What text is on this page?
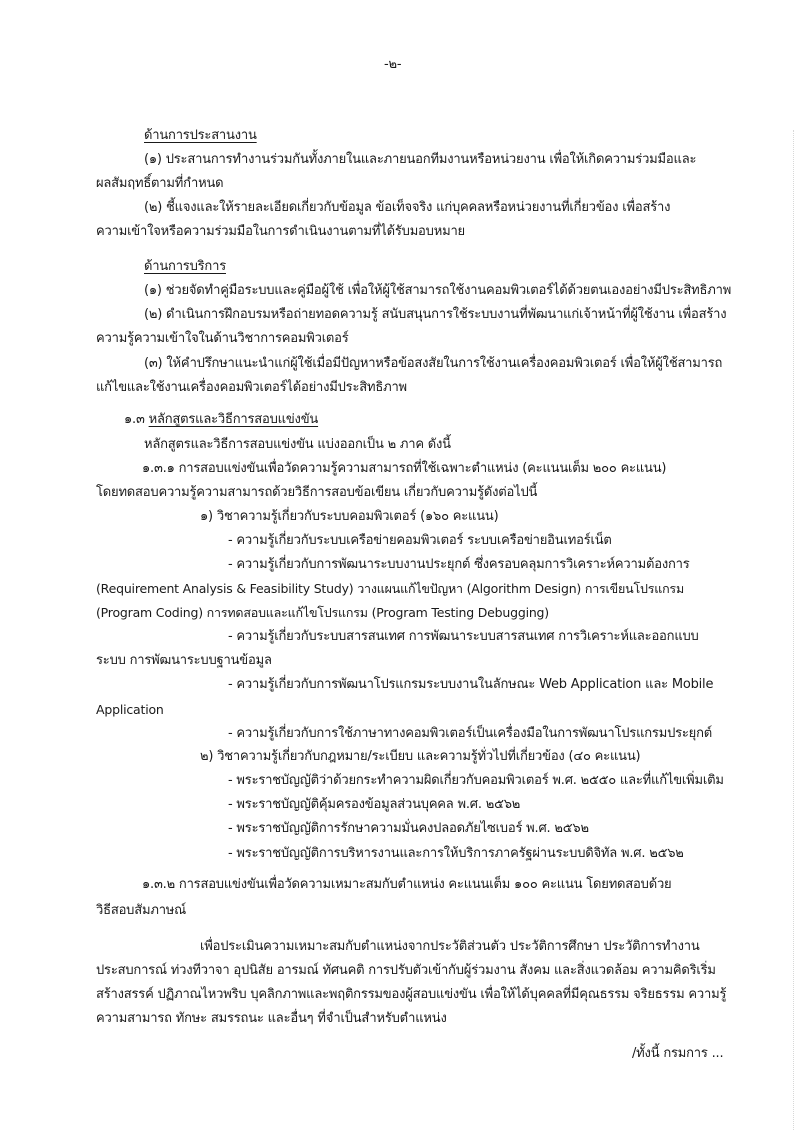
-๒-
ด้านการประสานงาน
(๑) ประสานการทำงานร่วมกันทั้งภายในและภายนอกทีมงานหรือหน่วยงาน เพื่อให้เกิดความร่วมมือและ
ผลสัมฤทธิ์ตามที่กำหนด
(๒) ชี้แจงและให้รายละเอียดเกี่ยวกับข้อมูล ข้อเท็จจริง แก่บุคคลหรือหน่วยงานที่เกี่ยวข้อง เพื่อสร้าง
ความเข้าใจหรือความร่วมมือในการดำเนินงานตามที่ได้รับมอบหมาย
ด้านการบริการ
(๑) ช่วยจัดทำคู่มือระบบและคู่มือผู้ใช้ เพื่อให้ผู้ใช้สามารถใช้งานคอมพิวเตอร์ได้ด้วยตนเองอย่างมีประสิทธิภาพ
(๒) ดำเนินการฝึกอบรมหรือถ่ายทอดความรู้ สนับสนุนการใช้ระบบงานที่พัฒนาแก่เจ้าหน้าที่ผู้ใช้งาน เพื่อสร้าง
ความรู้ความเข้าใจในด้านวิชาการคอมพิวเตอร์
(๓) ให้คำปรึกษาแนะนำแก่ผู้ใช้เมื่อมีปัญหาหรือข้อสงสัยในการใช้งานเครื่องคอมพิวเตอร์ เพื่อให้ผู้ใช้สามารถ
แก้ไขและใช้งานเครื่องคอมพิวเตอร์ได้อย่างมีประสิทธิภาพ
๑.๓ หลักสูตรและวิธีการสอบแข่งขัน
หลักสูตรและวิธีการสอบแข่งขัน แบ่งออกเป็น ๒ ภาค ดังนี้
๑.๓.๑ การสอบแข่งขันเพื่อวัดความรู้ความสามารถที่ใช้เฉพาะตำแหน่ง (คะแนนเต็ม ๒๐๐ คะแนน)
โดยทดสอบความรู้ความสามารถด้วยวิธีการสอบข้อเขียน เกี่ยวกับความรู้ดังต่อไปนี้
๑) วิชาความรู้เกี่ยวกับระบบคอมพิวเตอร์ (๑๖๐ คะแนน)
- ความรู้เกี่ยวกับระบบเครือข่ายคอมพิวเตอร์ ระบบเครือข่ายอินเทอร์เน็ต
- ความรู้เกี่ยวกับการพัฒนาระบบงานประยุกต์ ซึ่งครอบคลุมการวิเคราะห์ความต้องการ
(Requirement Analysis & Feasibility Study) วางแผนแก้ไขปัญหา (Algorithm Design) การเขียนโปรแกรม
(Program Coding) การทดสอบและแก้ไขโปรแกรม (Program Testing Debugging)
- ความรู้เกี่ยวกับระบบสารสนเทศ การพัฒนาระบบสารสนเทศ การวิเคราะห์และออกแบบ
ระบบ การพัฒนาระบบฐานข้อมูล
- ความรู้เกี่ยวกับการพัฒนาโปรแกรมระบบงานในลักษณะ Web Application และ Mobile
Application
- ความรู้เกี่ยวกับการใช้ภาษาทางคอมพิวเตอร์เป็นเครื่องมือในการพัฒนาโปรแกรมประยุกต์
๒) วิชาความรู้เกี่ยวกับกฎหมาย/ระเบียบ และความรู้ทั่วไปที่เกี่ยวข้อง (๔๐ คะแนน)
- พระราชบัญญัติว่าด้วยกระทำความผิดเกี่ยวกับคอมพิวเตอร์ พ.ศ. ๒๕๕๐ และที่แก้ไขเพิ่มเติม
- พระราชบัญญัติคุ้มครองข้อมูลส่วนบุคคล พ.ศ. ๒๕๖๒
- พระราชบัญญัติการรักษาความมั่นคงปลอดภัยไซเบอร์ พ.ศ. ๒๕๖๒
- พระราชบัญญัติการบริหารงานและการให้บริการภาครัฐผ่านระบบดิจิทัล พ.ศ. ๒๕๖๒
๑.๓.๒ การสอบแข่งขันเพื่อวัดความเหมาะสมกับตำแหน่ง คะแนนเต็ม ๑๐๐ คะแนน โดยทดสอบด้วย
วิธีสอบสัมภาษณ์
เพื่อประเมินความเหมาะสมกับตำแหน่งจากประวัติส่วนตัว ประวัติการศึกษา ประวัติการทำงาน
ประสบการณ์ ท่วงทีวาจา อุปนิสัย อารมณ์ ทัศนคติ การปรับตัวเข้ากับผู้ร่วมงาน สังคม และสิ่งแวดล้อม ความคิดริเริ่ม
สร้างสรรค์ ปฏิภาณไหวพริบ บุคลิกภาพและพฤติกรรมของผู้สอบแข่งขัน เพื่อให้ได้บุคคลที่มีคุณธรรม จริยธรรม ความรู้
ความสามารถ ทักษะ สมรรถนะ และอื่นๆ ที่จำเป็นสำหรับตำแหน่ง
/ทั้งนี้ กรมการ ...
